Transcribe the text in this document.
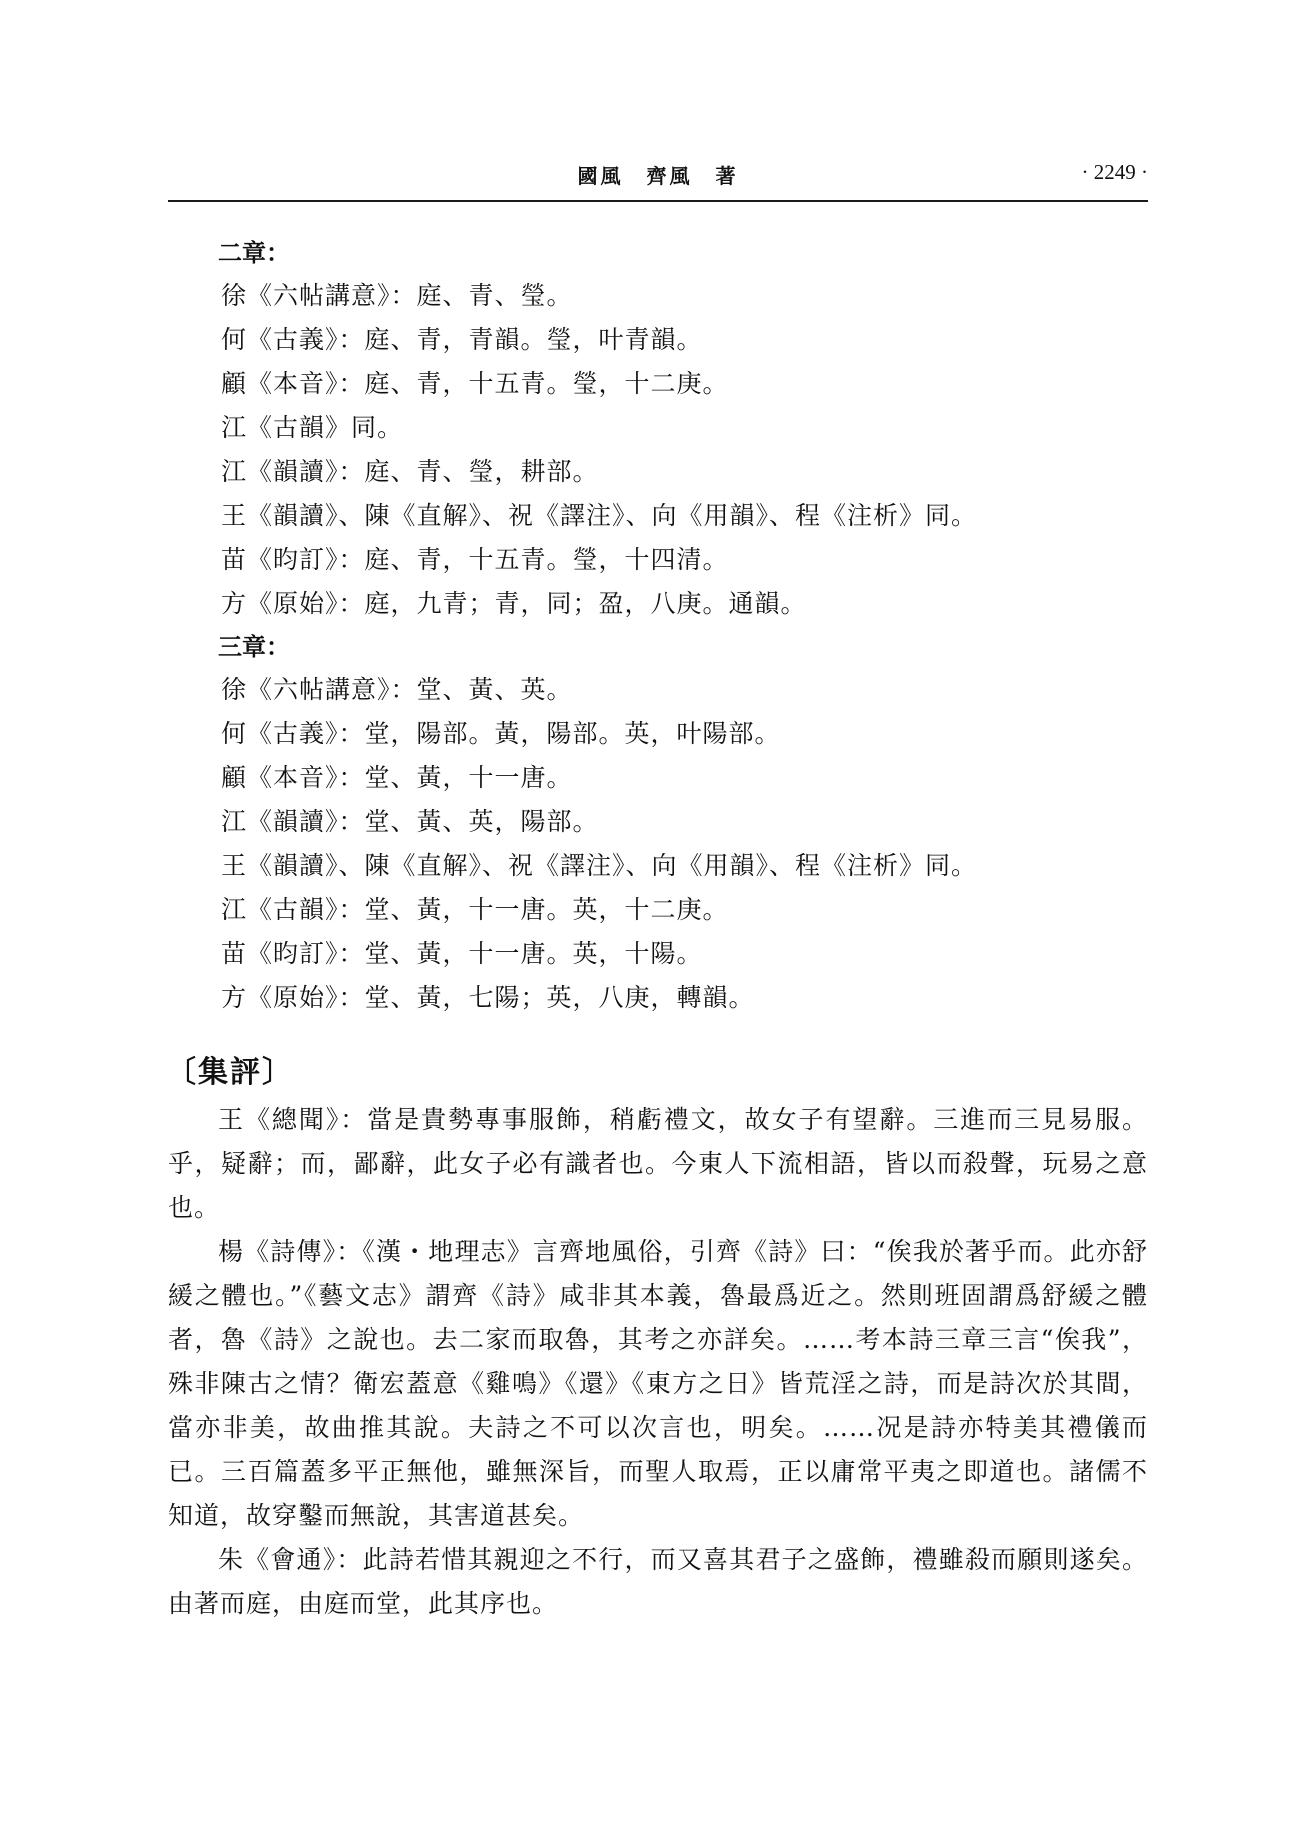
國風　齊風　著	· 2249 ·
二章：
徐《六帖講意》：庭、青、瑩。
何《古義》：庭、青，青韻。瑩，叶青韻。
顧《本音》：庭、青，十五青。瑩，十二庚。
江《古韻》同。
江《韻讀》：庭、青、瑩，耕部。
王《韻讀》、陳《直解》、祝《譯注》、向《用韻》、程《注析》同。
苗《昀訂》：庭、青，十五青。瑩，十四清。
方《原始》：庭，九青；青，同；盈，八庚。通韻。
三章：
徐《六帖講意》：堂、黃、英。
何《古義》：堂，陽部。黃，陽部。英，叶陽部。
顧《本音》：堂、黃，十一唐。
江《韻讀》：堂、黃、英，陽部。
王《韻讀》、陳《直解》、祝《譯注》、向《用韻》、程《注析》同。
江《古韻》：堂、黃，十一唐。英，十二庚。
苗《昀訂》：堂、黃，十一唐。英，十陽。
方《原始》：堂、黃，七陽；英，八庚，轉韻。
〔集評〕

王《總聞》：當是貴勢專事服飾，稍虧禮文，故女子有望辭。三進而三見易服。乎，疑辭；而，鄙辭，此女子必有識者也。今東人下流相語，皆以而殺聲，玩易之意也。

楊《詩傳》：《漢・地理志》言齊地風俗，引齊《詩》曰：“俟我於著乎而。此亦舒緩之體也。”《藝文志》謂齊《詩》咸非其本義，魯最爲近之。然則班固謂爲舒緩之體者，魯《詩》之說也。去二家而取魯，其考之亦詳矣。……考本詩三章三言“俟我”，殊非陳古之情？衛宏蓋意《雞鳴》《還》《東方之日》皆荒淫之詩，而是詩次於其間，當亦非美，故曲推其說。夫詩之不可以次言也，明矣。……况是詩亦特美其禮儀而已。三百篇蓋多平正無他，雖無深旨，而聖人取焉，正以庸常平夷之即道也。諸儒不知道，故穿鑿而無說，其害道甚矣。

朱《會通》：此詩若惜其親迎之不行，而又喜其君子之盛飾，禮雖殺而願則遂矣。由著而庭，由庭而堂，此其序也。
